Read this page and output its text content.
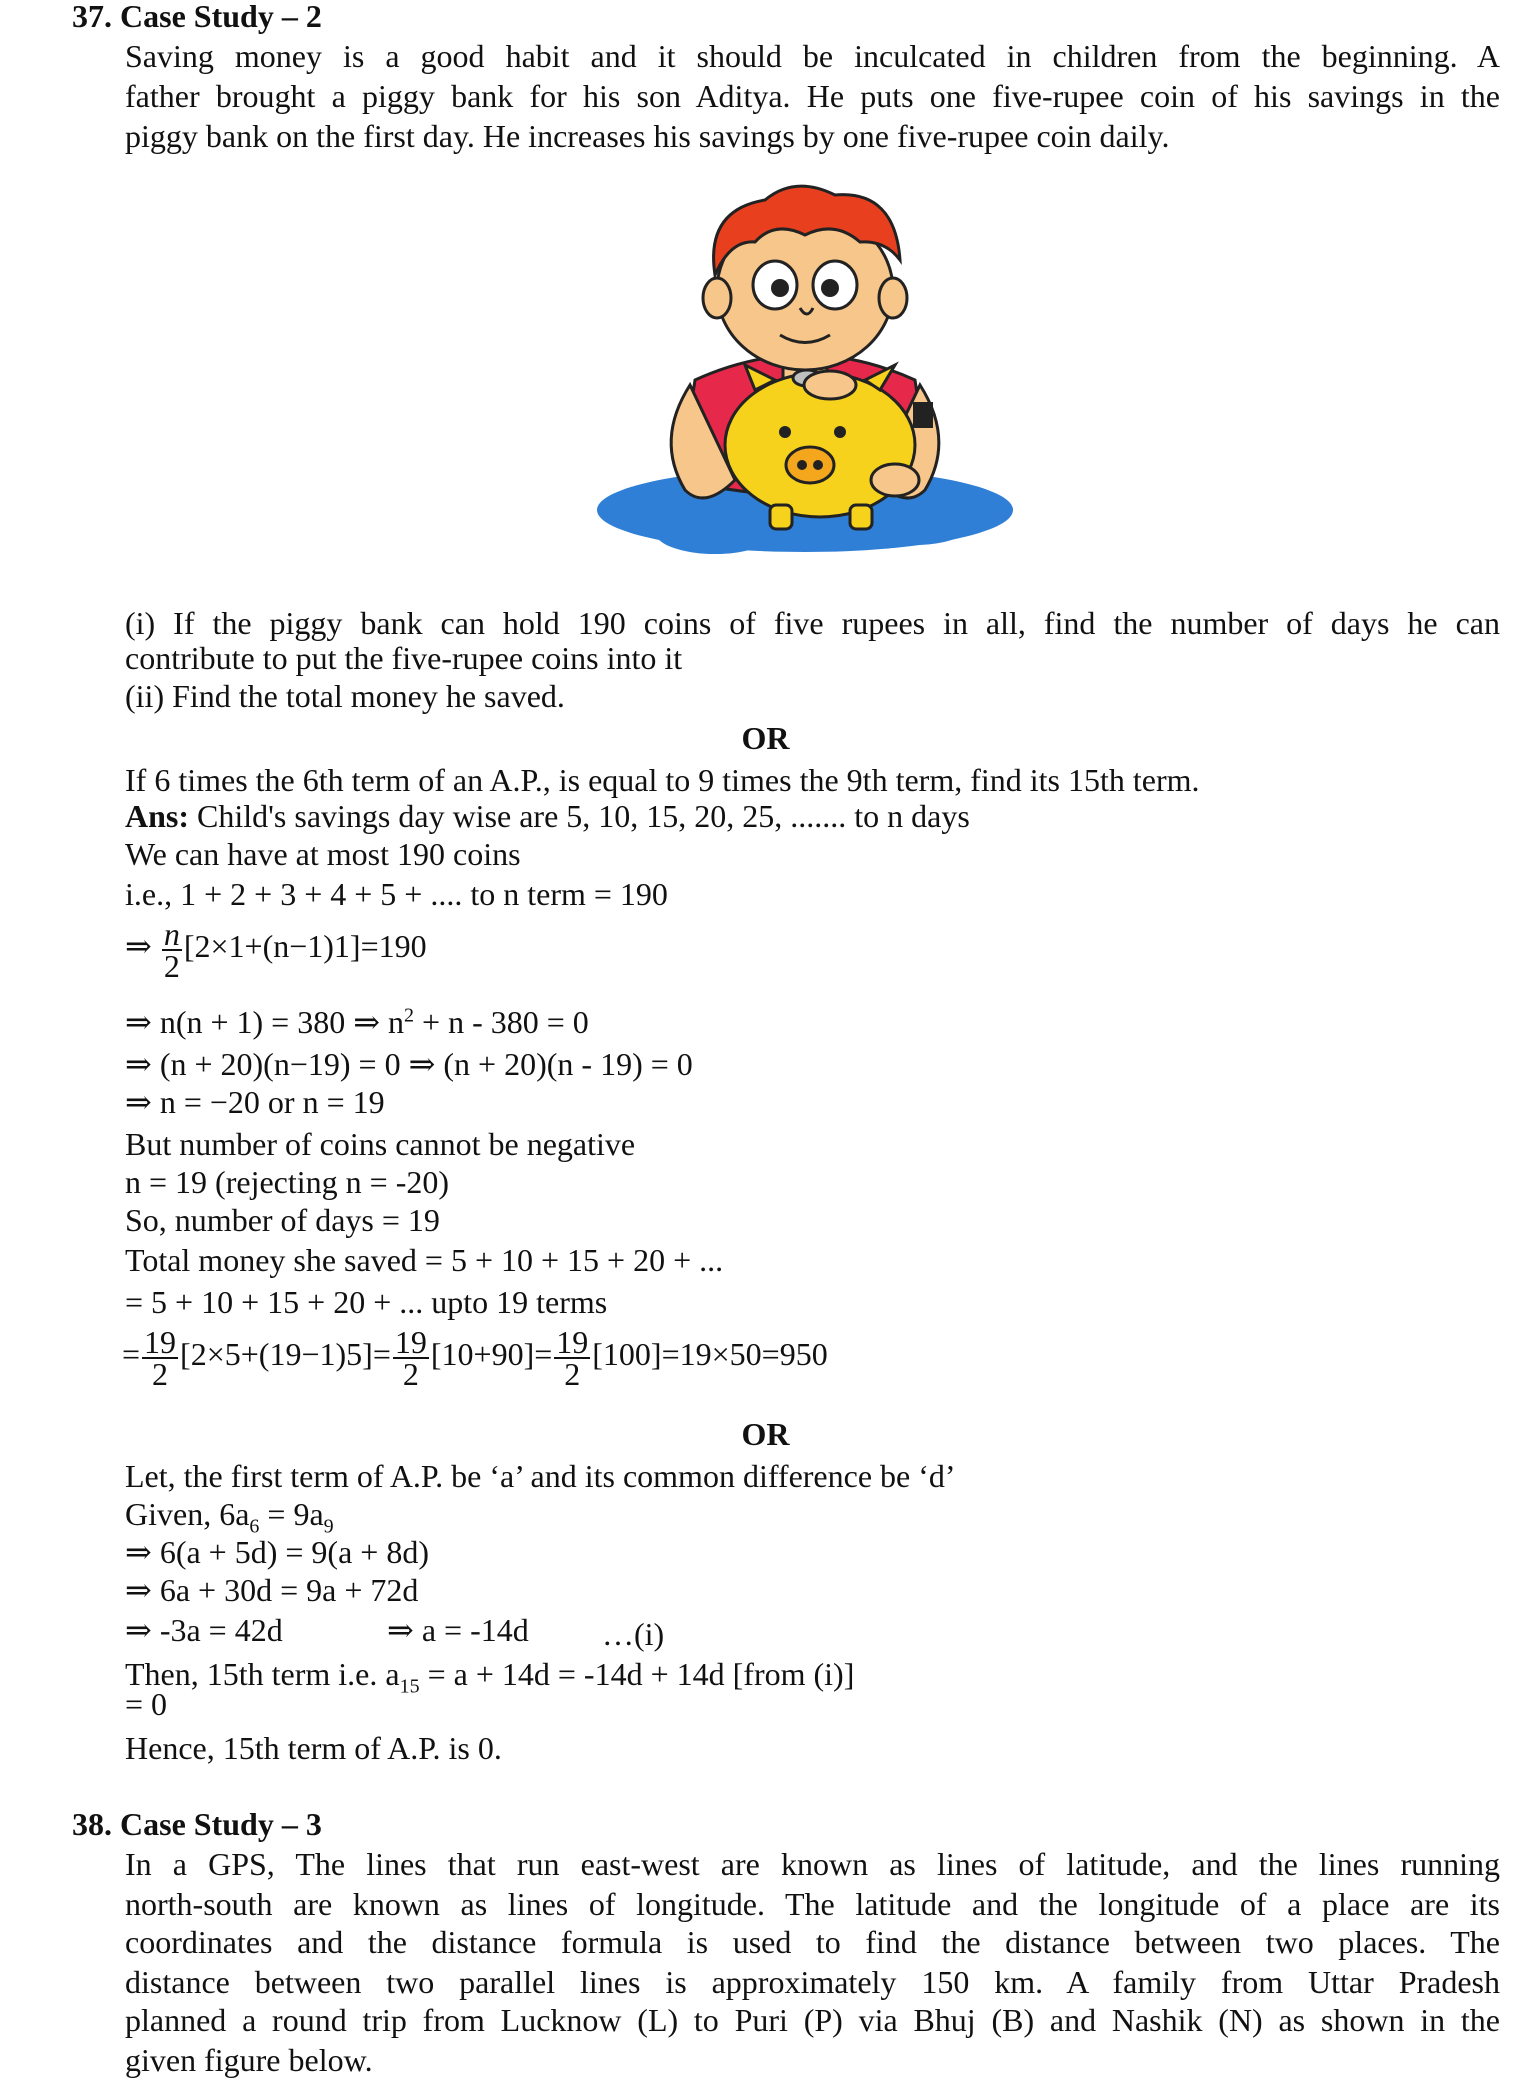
37. Case Study – 2
Saving money is a good habit and it should be inculcated in children from the beginning. A
father brought a piggy bank for his son Aditya. He puts one five-rupee coin of his savings in the
piggy bank on the first day. He increases his savings by one five-rupee coin daily.
(i) If the piggy bank can hold 190 coins of five rupees in all, find the number of days he can
contribute to put the five-rupee coins into it
(ii) Find the total money he saved.
OR
If 6 times the 6th term of an A.P., is equal to 9 times the 9th term, find its 15th term.
Ans: Child's savings day wise are 5, 10, 15, 20, 25, ....... to n days
We can have at most 190 coins
i.e., 1 + 2 + 3 + 4 + 5 + .... to n term = 190
⇒ $\frac{n}{2} [2\times 1+(n-1)1]=190$
⇒ n(n + 1) = 380 ⇒ $n^2 + n - 380 = 0$
⇒ (n + 20)(n−19) = 0 ⇒ (n + 20)(n - 19) = 0
⇒ n = −20 or n = 19
But number of coins cannot be negative
n = 19 (rejecting n = -20)
So, number of days = 19
Total money she saved = 5 + 10 + 15 + 20 + ...
= 5 + 10 + 15 + 20 + ... upto 19 terms
= $\frac{19}{2} [2\times 5+(19-1)5]= \frac{19}{2} [10+90]= \frac{19}{2} [100]=19\times 50=950$
OR
Let, the first term of A.P. be ‘a’ and its common difference be ‘d’
Given, $6a_6 = 9a_9$
⇒ 6(a + 5d) = 9(a + 8d)
⇒ 6a + 30d = 9a + 72d
⇒ -3a = 42d	⇒ a = -14d …(i)
Then, 15th term i.e. $a_{15} = a + 14d = -14d + 14d$ [from (i)]
= 0
Hence, 15th term of A.P. is 0.
38. Case Study – 3
In a GPS, The lines that run east-west are known as lines of latitude, and the lines running
north-south are known as lines of longitude. The latitude and the longitude of a place are its
coordinates and the distance formula is used to find the distance between two places. The
distance between two parallel lines is approximately 150 km. A family from Uttar Pradesh
planned a round trip from Lucknow (L) to Puri (P) via Bhuj (B) and Nashik (N) as shown in the
given figure below.
